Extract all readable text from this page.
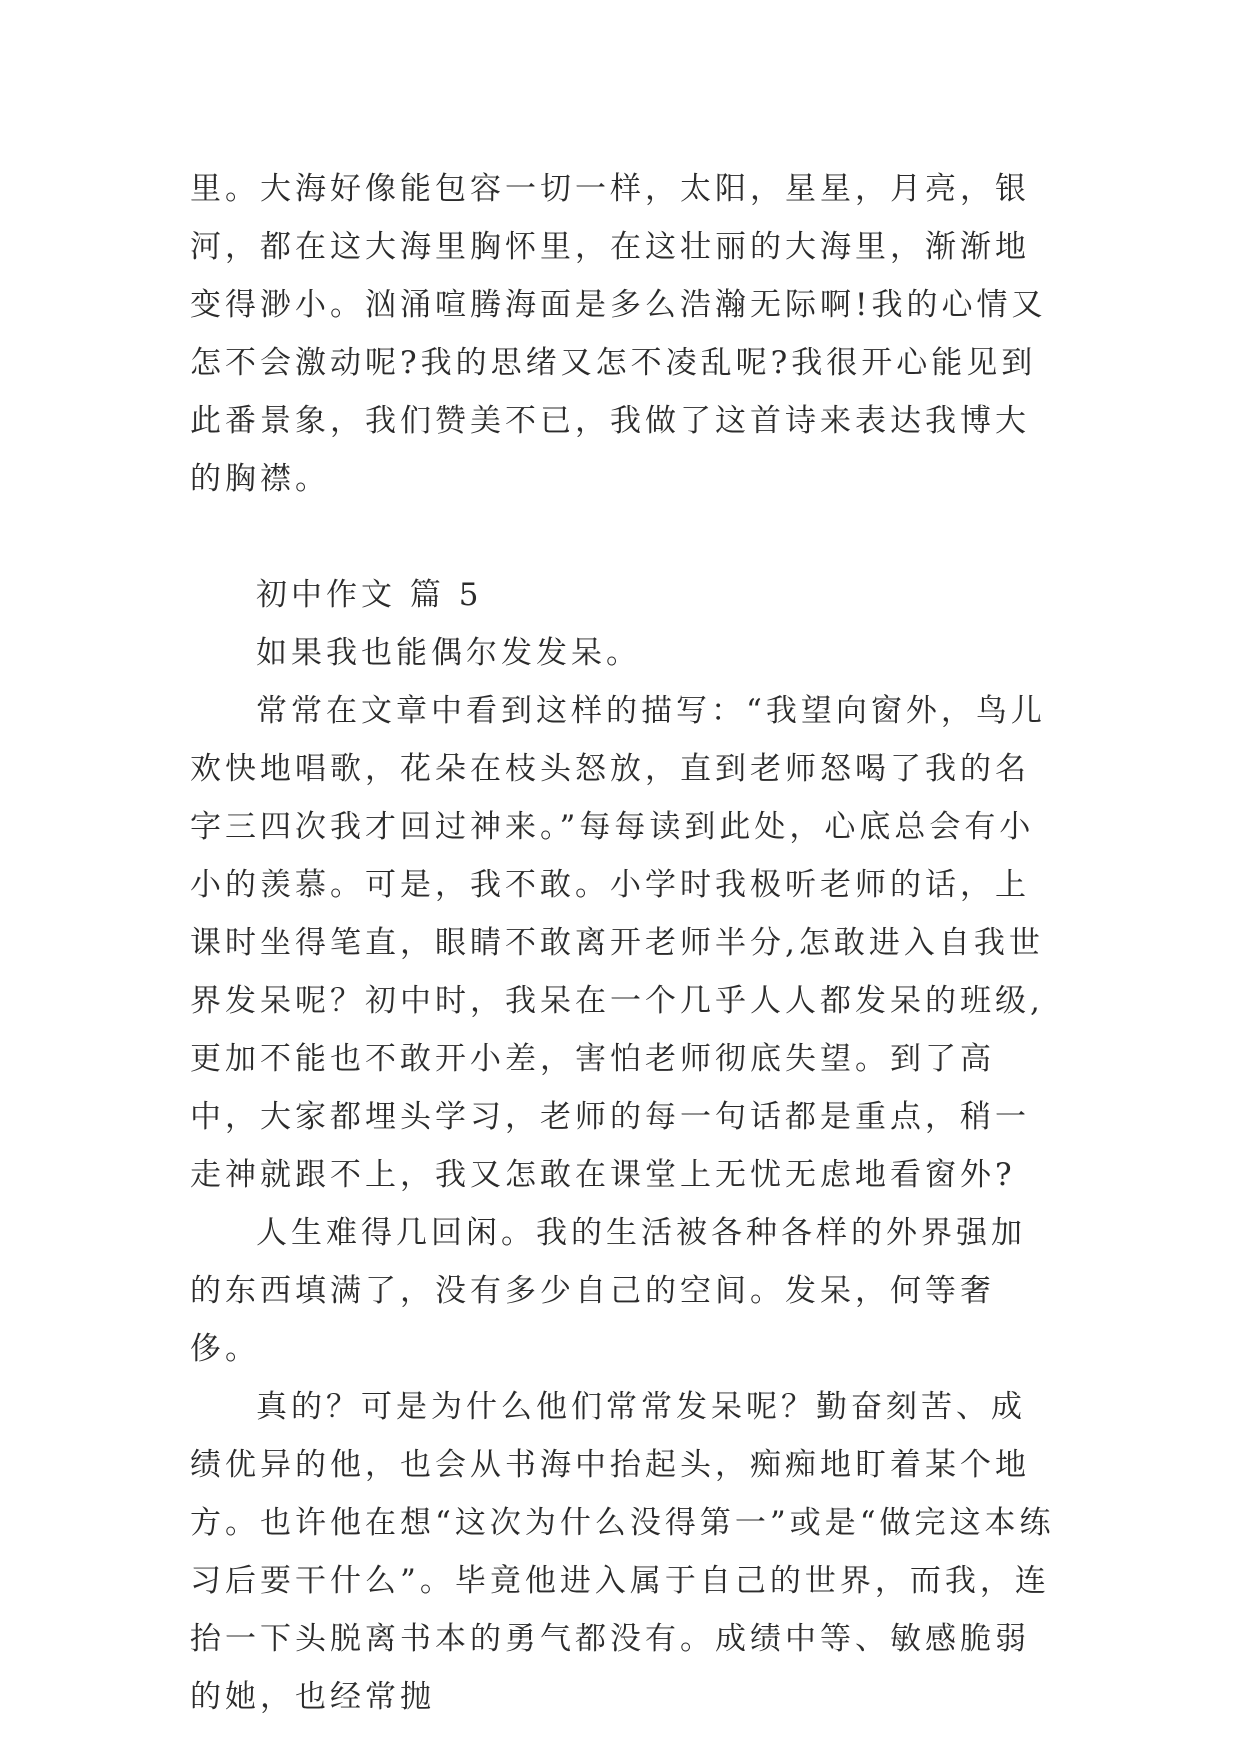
里。大海好像能包容一切一样，太阳，星星，月亮，银河，都在这大海里胸怀里，在这壮丽的大海里，渐渐地变得渺小。汹涌喧腾海面是多么浩瀚无际啊!我的心情又怎不会激动呢?我的思绪又怎不凌乱呢?我很开心能见到此番景象，我们赞美不已，我做了这首诗来表达我博大的胸襟。

初中作文 篇 5

如果我也能偶尔发发呆。

常常在文章中看到这样的描写：“我望向窗外，鸟儿欢快地唱歌，花朵在枝头怒放，直到老师怒喝了我的名字三四次我才回过神来。”每每读到此处，心底总会有小小的羡慕。可是，我不敢。小学时我极听老师的话，上课时坐得笔直，眼睛不敢离开老师半分,怎敢进入自我世界发呆呢？初中时，我呆在一个几乎人人都发呆的班级,更加不能也不敢开小差，害怕老师彻底失望。到了高中，大家都埋头学习，老师的每一句话都是重点，稍一走神就跟不上，我又怎敢在课堂上无忧无虑地看窗外?

人生难得几回闲。我的生活被各种各样的外界强加的东西填满了，没有多少自己的空间。发呆，何等奢侈。

真的？可是为什么他们常常发呆呢？勤奋刻苦、成绩优异的他，也会从书海中抬起头，痴痴地盯着某个地方。也许他在想“这次为什么没得第一”或是“做完这本练习后要干什么”。毕竟他进入属于自己的世界，而我，连抬一下头脱离书本的勇气都没有。成绩中等、敏感脆弱的她，也经常抛
